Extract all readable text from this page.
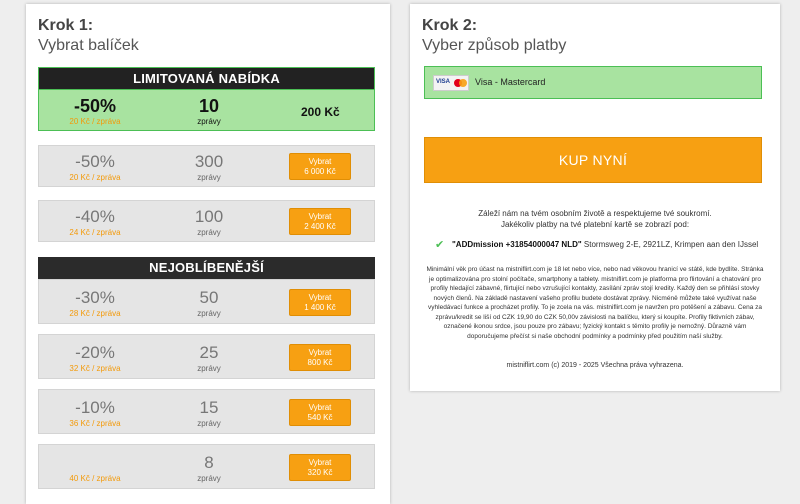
Krok 1:
Vybrat balíček
LIMITOVANÁ NABÍDKA
-50%
20 Kč / zpráva
10
zprávy
200 Kč
-50%
20 Kč / zpráva
300
zprávy
Vybrat
6 000 Kč
-40%
24 Kč / zpráva
100
zprávy
Vybrat
2 400 Kč
NEJOBLÍBENĚJŠÍ
-30%
28 Kč / zpráva
50
zprávy
Vybrat
1 400 Kč
-20%
32 Kč / zpráva
25
zprávy
Vybrat
800 Kč
-10%
36 Kč / zpráva
15
zprávy
Vybrat
540 Kč
40 Kč / zpráva
8
zprávy
Vybrat
320 Kč
Krok 2:
Vyber způsob platby
VISA	Visa - Mastercard
KUP NYNÍ
Záleží nám na tvém osobním životě a respektujeme tvé soukromí.
Jakékoliv platby na tvé platební kartě se zobrazí pod:
✔ "ADDmission +31854000047 NLD" Stormsweg 2-E, 2921LZ, Krimpen aan den IJssel
Minimální věk pro účast na mistniflirt.com je 18 let nebo více, nebo nad věkovou hranicí ve státě, kde bydlíte. Stránka je optimalizována pro stolní počítače, smartphony a tablety. mistniflirt.com je platforma pro flirtování a chatování pro profily hledající zábavné, flirtující nebo vzrušující kontakty, zasílání zpráv stojí kredity. Každý den se přihlásí stovky nových členů. Na základě nastavení vašeho profilu budete dostávat zprávy. Nicméně můžete také využívat naše vyhledávací funkce a procházet profily. To je zcela na vás. mistniflirt.com je navržen pro potěšení a zábavu. Cena za zprávu/kredit se liší od CZK 19,90 do CZK 50,00v závislosti na balíčku, který si koupíte. Profily fiktivních zábav, označené ikonou srdce, jsou pouze pro zábavu; fyzický kontakt s těmito profily je nemožný. Důrazně vám doporučujeme přečíst si naše obchodní podmínky a podmínky před použitím naší služby.
mistniflirt.com (c) 2019 - 2025 Všechna práva vyhrazena.
